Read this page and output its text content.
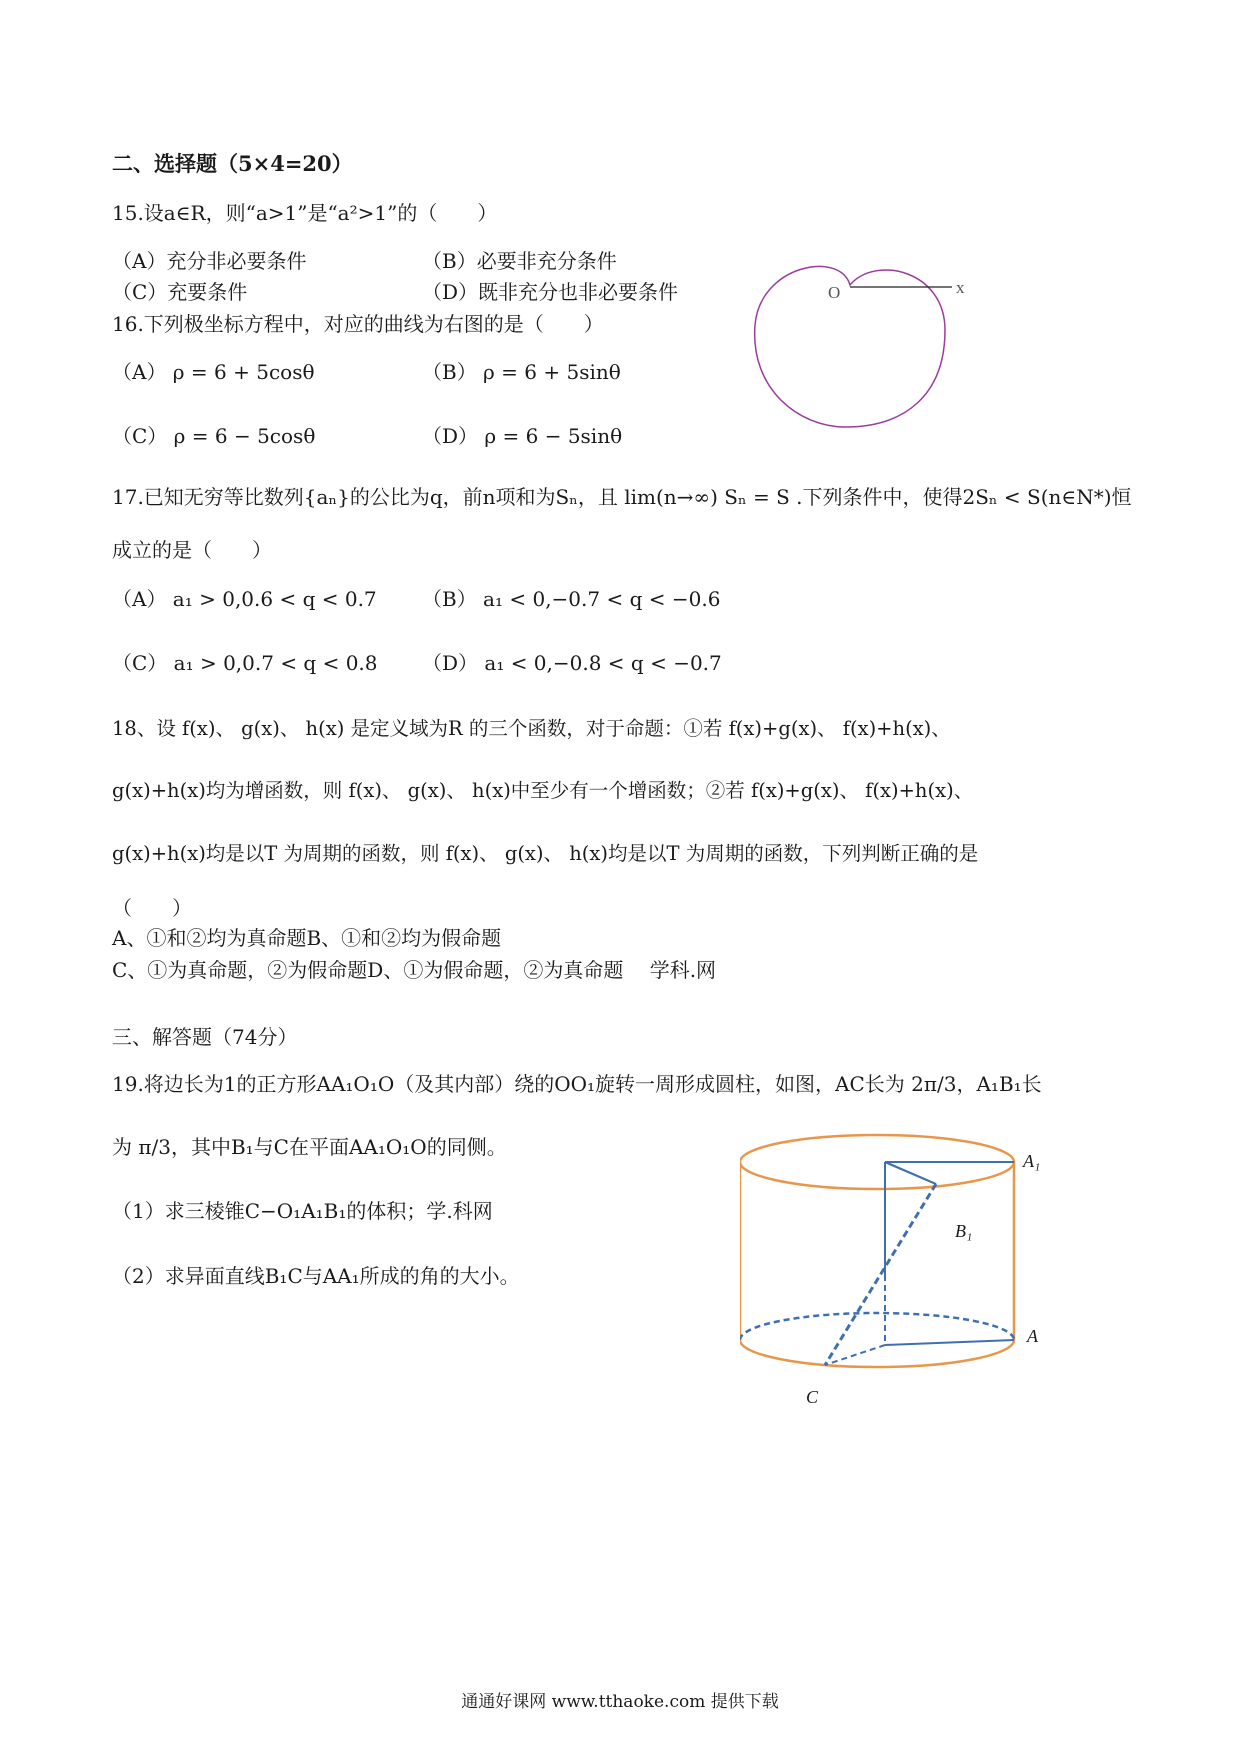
二、选择题（5×4=20）
15.设a∈R，则“a>1”是“a²>1”的（　　）
（A）充分非必要条件	（B）必要非充分条件
（C）充要条件	（D）既非充分也非必要条件
16.下列极坐标方程中，对应的曲线为右图的是（　　）
（A） ρ = 6 + 5cosθ	（B） ρ = 6 + 5sinθ
（C） ρ = 6 − 5cosθ	（D） ρ = 6 − 5sinθ
O	x
17.已知无穷等比数列{aₙ}的公比为q，前n项和为Sₙ，且 lim(n→∞) Sₙ = S .下列条件中，使得2Sₙ < S(n∈N*)恒
成立的是（　　）
（A） a₁ > 0,0.6 < q < 0.7 （B） a₁ < 0,−0.7 < q < −0.6
（C） a₁ > 0,0.7 < q < 0.8 （D） a₁ < 0,−0.8 < q < −0.7
18、设 f(x)、 g(x)、 h(x) 是定义域为R 的三个函数，对于命题：①若 f(x)+g(x)、 f(x)+h(x)、
g(x)+h(x)均为增函数，则 f(x)、 g(x)、 h(x)中至少有一个增函数；②若 f(x)+g(x)、 f(x)+h(x)、
g(x)+h(x)均是以T 为周期的函数，则 f(x)、 g(x)、 h(x)均是以T 为周期的函数，下列判断正确的是
（　　）
A、①和②均为真命题B、①和②均为假命题
C、①为真命题，②为假命题D、①为假命题，②为真命题　 学科.网
三、解答题（74分）
19.将边长为1的正方形AA₁O₁O（及其内部）绕的OO₁旋转一周形成圆柱，如图，AC长为 2π/3，A₁B₁长
为 π/3，其中B₁与C在平面AA₁O₁O的同侧。
（1）求三棱锥C−O₁A₁B₁的体积；学.科网
（2）求异面直线B₁C与AA₁所成的角的大小。
A₁
B₁
A
C
通通好课网 www.tthaoke.com 提供下载
